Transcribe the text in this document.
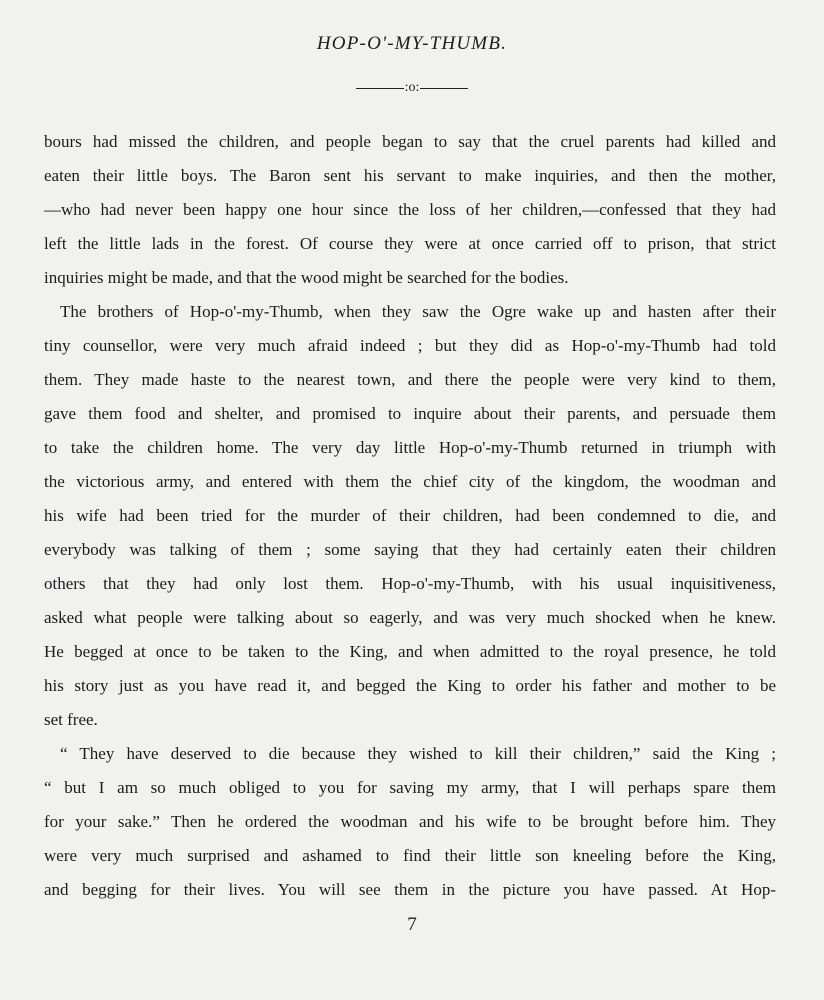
HOP-O'-MY-THUMB.
:o:
bours had missed the children, and people began to say that the cruel parents had killed and
eaten their little boys. The Baron sent his servant to make inquiries, and then the mother,
—who had never been happy one hour since the loss of her children,—confessed that they had
left the little lads in the forest. Of course they were at once carried off to prison, that strict
inquiries might be made, and that the wood might be searched for the bodies.
The brothers of Hop-o'-my-Thumb, when they saw the Ogre wake up and hasten after their
tiny counsellor, were very much afraid indeed ; but they did as Hop-o'-my-Thumb had told
them. They made haste to the nearest town, and there the people were very kind to them,
gave them food and shelter, and promised to inquire about their parents, and persuade them
to take the children home. The very day little Hop-o'-my-Thumb returned in triumph with
the victorious army, and entered with them the chief city of the kingdom, the woodman and
his wife had been tried for the murder of their children, had been condemned to die, and
everybody was talking of them ; some saying that they had certainly eaten their children
others that they had only lost them. Hop-o'-my-Thumb, with his usual inquisitiveness,
asked what people were talking about so eagerly, and was very much shocked when he knew.
He begged at once to be taken to the King, and when admitted to the royal presence, he told
his story just as you have read it, and begged the King to order his father and mother to be
set free.
“ They have deserved to die because they wished to kill their children,” said the King ;
“ but I am so much obliged to you for saving my army, that I will perhaps spare them
for your sake.” Then he ordered the woodman and his wife to be brought before him. They
were very much surprised and ashamed to find their little son kneeling before the King,
and begging for their lives. You will see them in the picture you have passed. At Hop-
7
